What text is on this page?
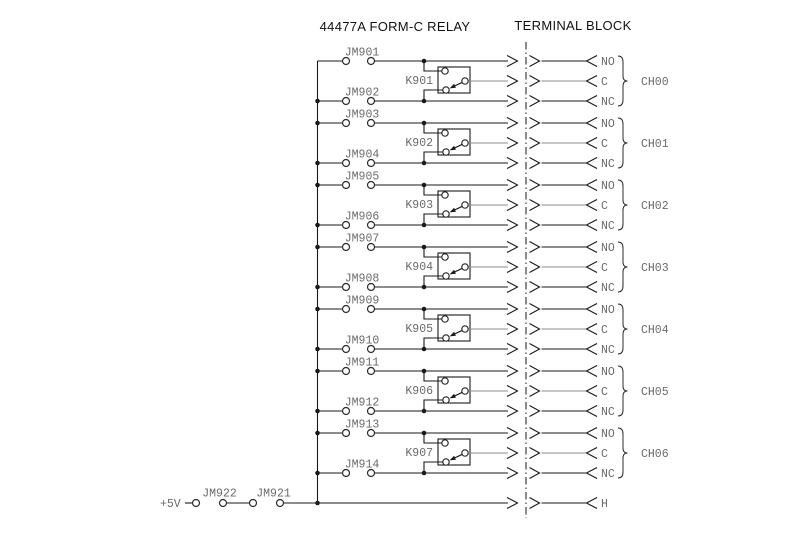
44477A FORM-C RELAY	TERMINAL BLOCK
JM901
JM902
K901
NO
C
NC
CH00
JM903
JM904
K902
NO
C
NC
CH01
JM905
JM906
K903
NO
C
NC
CH02
JM907
JM908
K904
NO
C
NC
CH03
JM909
JM910
K905
NO
C
NC
CH04
JM911
JM912
K906
NO
C
NC
CH05
JM913
JM914
K907
NO
C
NC
CH06
+5V
JM922 JM921
H
